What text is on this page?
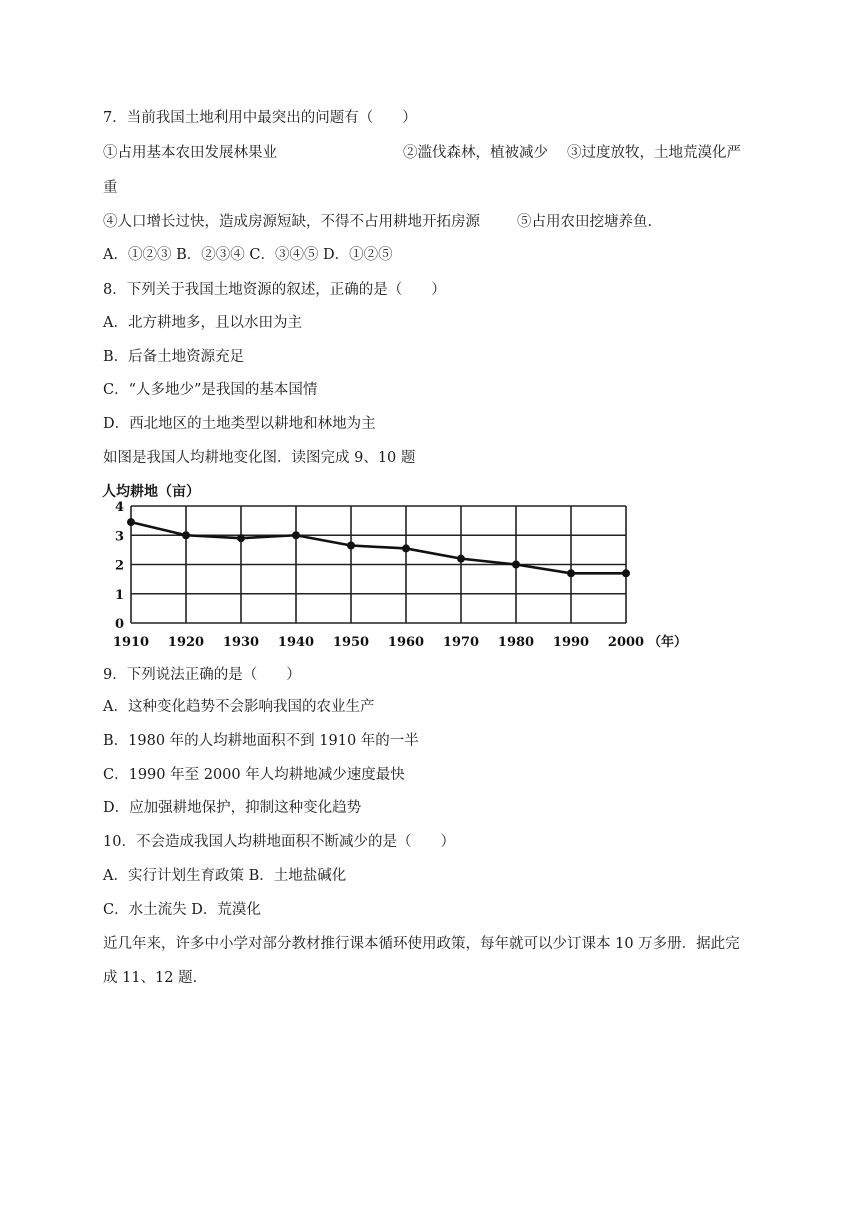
7．当前我国土地利用中最突出的问题有（　　）
①占用基本农田发展林果业	②滥伐森林，植被减少 ③过度放牧，土地荒漠化严
重
④人口增长过快，造成房源短缺，不得不占用耕地开拓房源	⑤占用农田挖塘养鱼.
A．①②③ B．②③④ C．③④⑤ D．①②⑤
8．下列关于我国土地资源的叙述，正确的是（　　）
A．北方耕地多，且以水田为主
B．后备土地资源充足
C．“人多地少”是我国的基本国情
D．西北地区的土地类型以耕地和林地为主
如图是我国人均耕地变化图．读图完成 9、10 题
人均耕地（亩）
0
1
2
3
4
1910 1920 1930 1940 1950 1960 1970 1980 1990 2000 （年）
9．下列说法正确的是（　　）
A．这种变化趋势不会影响我国的农业生产
B．1980 年的人均耕地面积不到 1910 年的一半
C．1990 年至 2000 年人均耕地减少速度最快
D．应加强耕地保护，抑制这种变化趋势
10．不会造成我国人均耕地面积不断减少的是（　　）
A．实行计划生育政策 B．土地盐碱化
C．水土流失 D．荒漠化
近几年来，许多中小学对部分教材推行课本循环使用政策，每年就可以少订课本 10 万多册．据此完
成 11、12 题．
